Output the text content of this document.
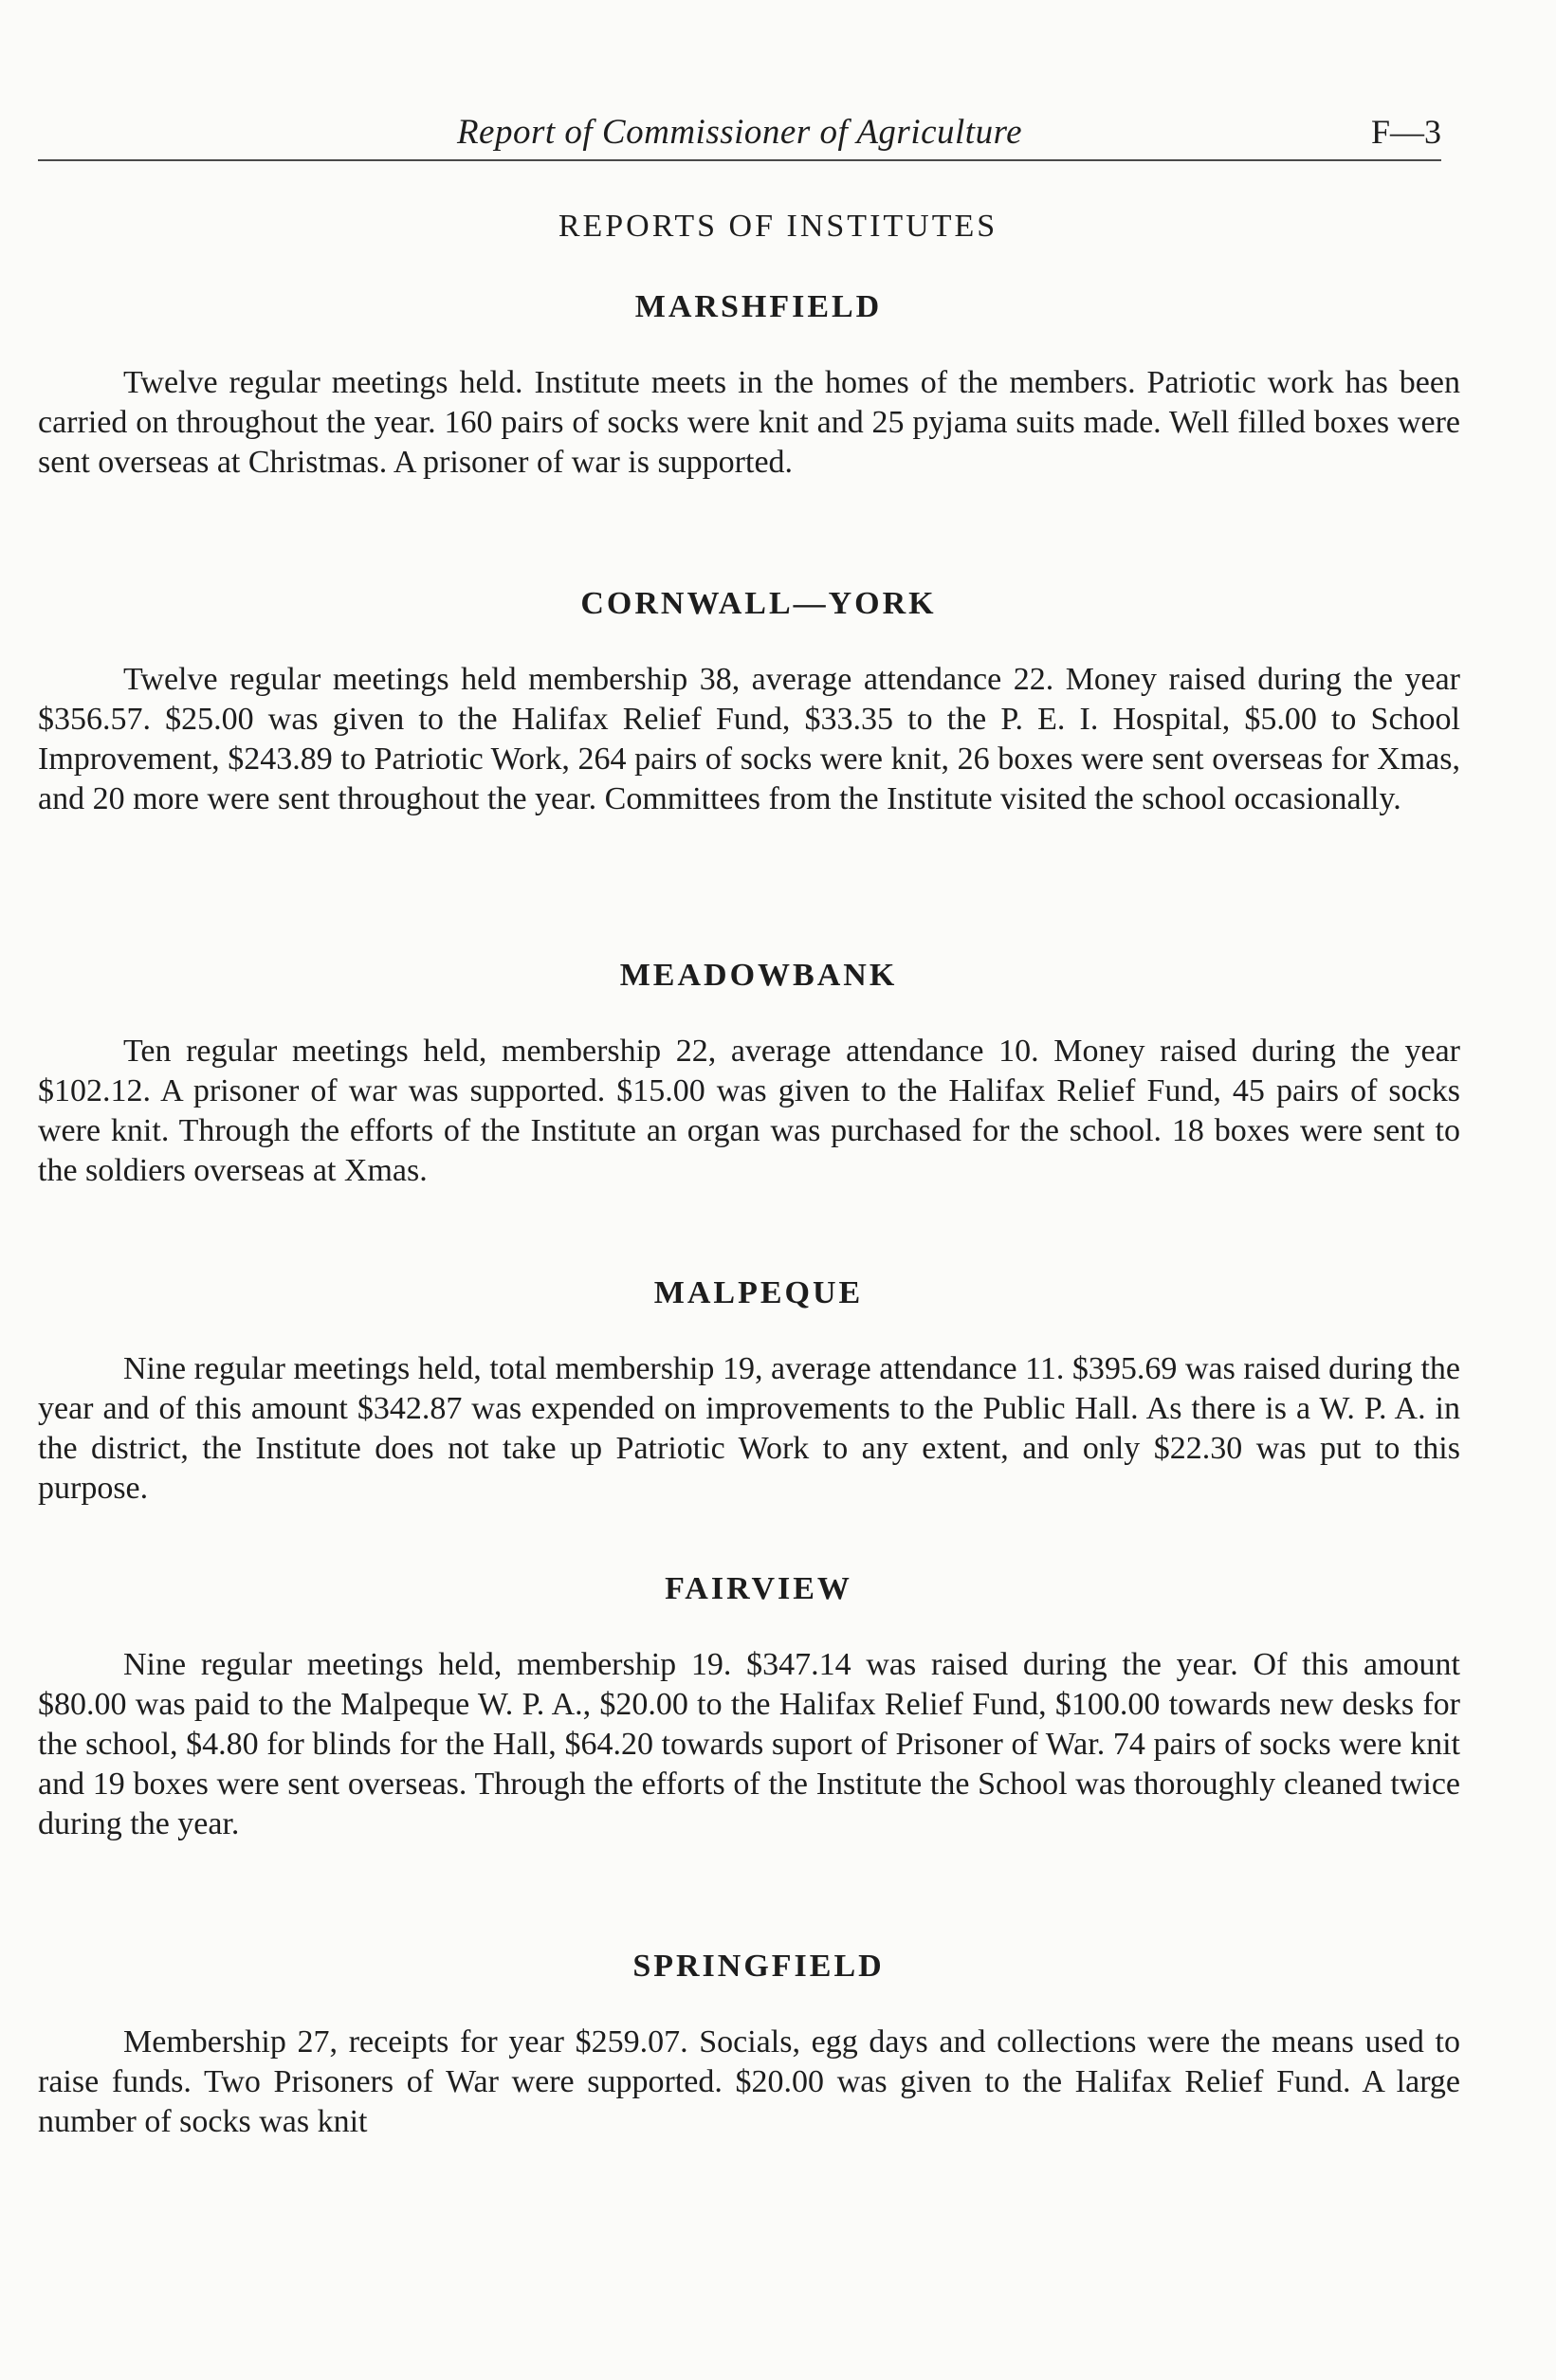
Report of Commissioner of Agriculture	F—3
REPORTS OF INSTITUTES
MARSHFIELD

Twelve regular meetings held. Institute meets in the homes of the members. Patriotic work has been carried on throughout the year. 160 pairs of socks were knit and 25 pyjama suits made. Well filled boxes were sent overseas at Christmas. A prisoner of war is supported.

CORNWALL—YORK

Twelve regular meetings held membership 38, average attendance 22. Money raised during the year $356.57. $25.00 was given to the Halifax Relief Fund, $33.35 to the P. E. I. Hospital, $5.00 to School Improvement, $243.89 to Patriotic Work, 264 pairs of socks were knit, 26 boxes were sent overseas for Xmas, and 20 more were sent throughout the year. Committees from the Institute visited the school occasionally.

MEADOWBANK

Ten regular meetings held, membership 22, average attendance 10. Money raised during the year $102.12. A prisoner of war was supported. $15.00 was given to the Halifax Relief Fund, 45 pairs of socks were knit. Through the efforts of the Institute an organ was purchased for the school. 18 boxes were sent to the soldiers overseas at Xmas.

MALPEQUE

Nine regular meetings held, total membership 19, average attendance 11. $395.69 was raised during the year and of this amount $342.87 was expended on improvements to the Public Hall. As there is a W. P. A. in the district, the Institute does not take up Patriotic Work to any extent, and only $22.30 was put to this purpose.

FAIRVIEW

Nine regular meetings held, membership 19. $347.14 was raised during the year. Of this amount $80.00 was paid to the Malpeque W. P. A., $20.00 to the Halifax Relief Fund, $100.00 towards new desks for the school, $4.80 for blinds for the Hall, $64.20 towards suport of Prisoner of War. 74 pairs of socks were knit and 19 boxes were sent overseas. Through the efforts of the Institute the School was thoroughly cleaned twice during the year.

SPRINGFIELD

Membership 27, receipts for year $259.07. Socials, egg days and collections were the means used to raise funds. Two Prisoners of War were supported. $20.00 was given to the Halifax Relief Fund. A large number of socks was knit
